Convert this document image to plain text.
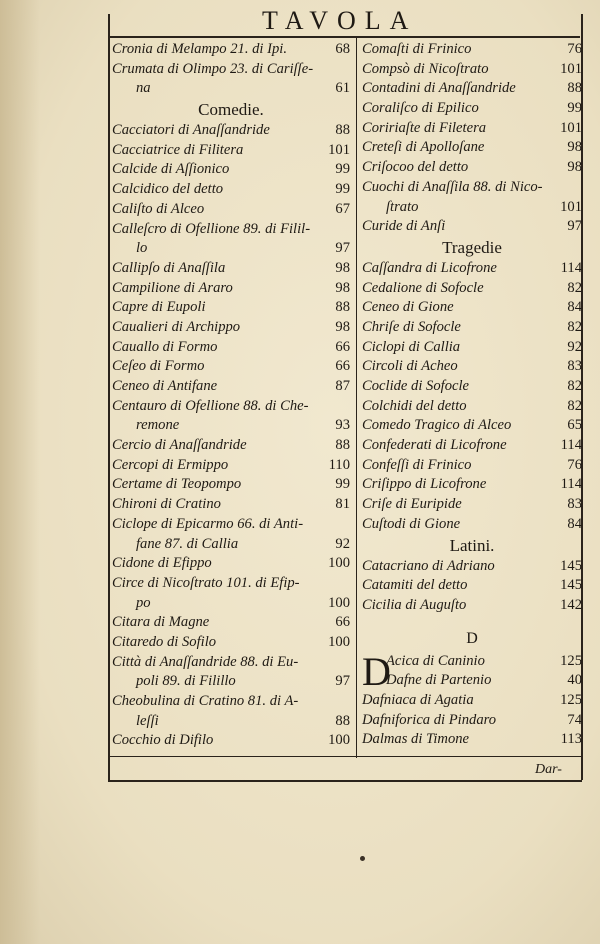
TAVOLA
Cronia di Melampo 21. di Ipi.	68
Crumata di Olimpo 23. di Cariſſe-
na	61
Comedie.
Cacciatori di Anaſſandride	88
Cacciatrice di Filitera	101
Calcide di Aſſionico	99
Calcidico del detto	99
Caliſto di Alceo	67
Calleſcro di Ofellione 89. di Filil-
lo	97
Callipſo di Anaſſila	98
Campilione di Araro	98
Capre di Eupoli	88
Caualieri di Archippo	98
Cauallo di Formo	66
Ceſeo di Formo	66
Ceneo di Antifane	87
Centauro di Ofellione 88. di Che-
remone	93
Cercio di Anaſſandride	88
Cercopi di Ermippo	110
Certame di Teopompo	99
Chironi di Cratino	81
Ciclope di Epicarmo 66. di Anti-
fane 87. di Callia	92
Cidone di Efippo	100
Circe di Nicoſtrato 101. di Efip-
po	100
Citara di Magne	66
Citaredo di Sofilo	100
Città di Anaſſandride 88. di Eu-
poli 89. di Filillo	97
Cheobulina di Cratino 81. di A-
leſſi	88
Cocchio di Difilo	100
Comaſti di Frinico	76
Compsò di Nicoſtrato	101
Contadini di Anaſſandride	88
Coraliſco di Epilico	99
Coririaſte di Filetera	101
Creteſi di Apolloſane	98
Criſocoo del detto	98
Cuochi di Anaſſila 88. di Nico-
ſtrato	101
Curide di Anſi	97
Tragedie
Caſſandra di Licofrone	114
Cedalione di Sofocle	82
Ceneo di Gione	84
Chriſe di Sofocle	82
Ciclopi di Callia	92
Circoli di Acheo	83
Coclide di Sofocle	82
Colchidi del detto	82
Comedo Tragico di Alceo	65
Confederati di Licofrone	114
Confeſſi di Frinico	76
Criſippo di Licofrone	114
Criſe di Euripide	83
Cuſtodi di Gione	84
Latini.
Catacriano di Adriano	145
Catamiti del detto	145
Cicilia di Auguſto	142
D
D
Acica di Caninio	125
Dafne di Partenio	40
Dafniaca di Agatia	125
Dafniforica di Pindaro	74
Dalmas di Timone	113
Dar-
